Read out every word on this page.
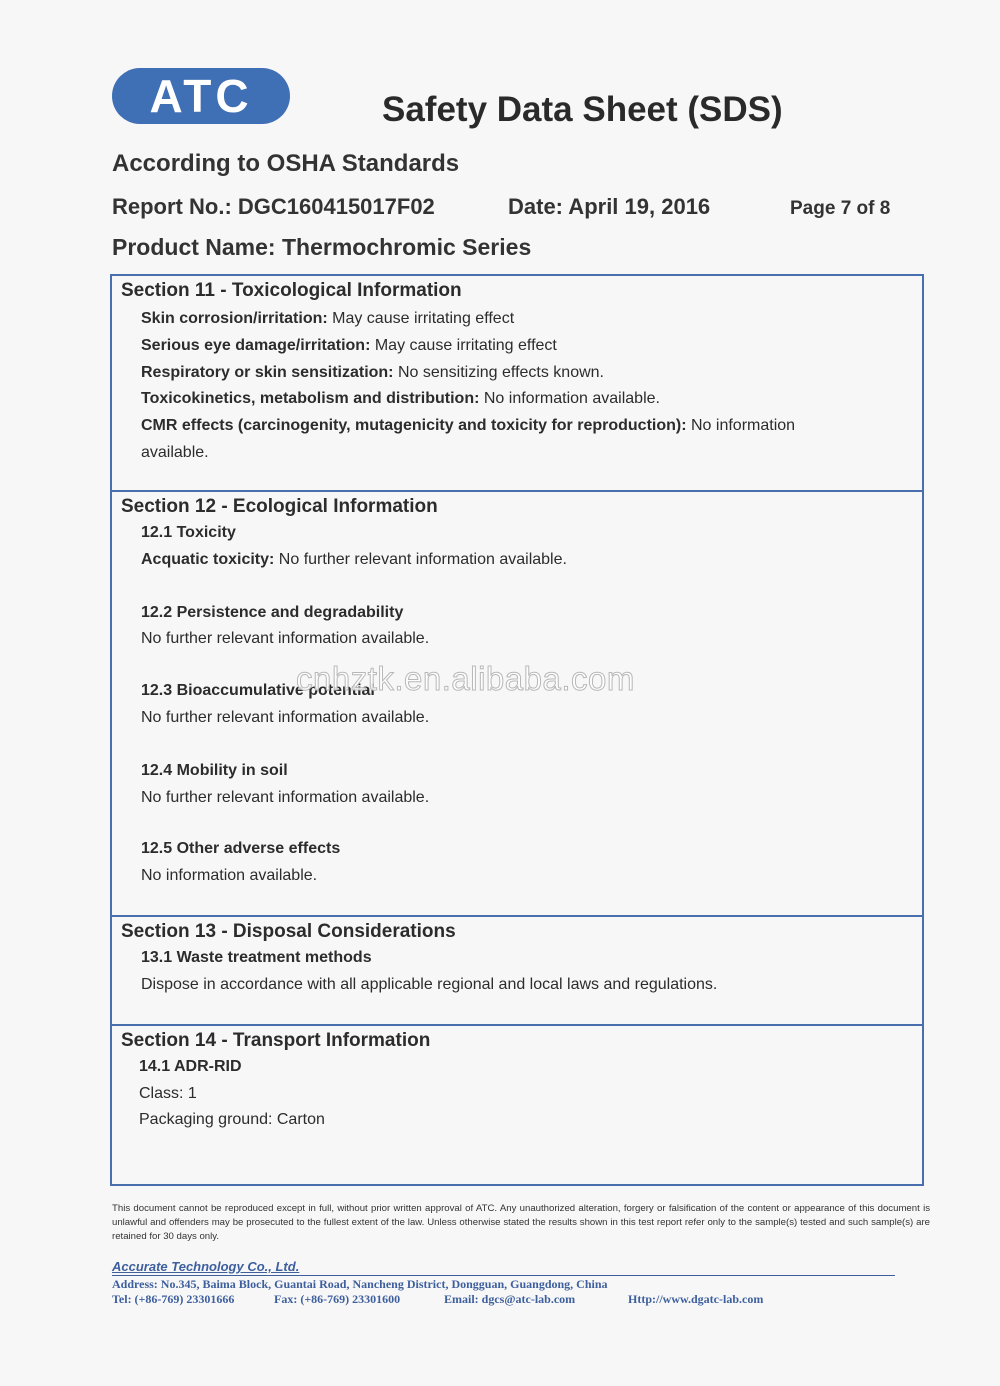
ATC	Safety Data Sheet (SDS)
According to OSHA Standards
Report No.: DGC160415017F02	Date: April 19, 2016	Page 7 of 8
Product Name: Thermochromic Series
Section 11 - Toxicological Information
Skin corrosion/irritation: May cause irritating effect
Serious eye damage/irritation: May cause irritating effect
Respiratory or skin sensitization: No sensitizing effects known.
Toxicokinetics, metabolism and distribution: No information available.
CMR effects (carcinogenity, mutagenicity and toxicity for reproduction): No information
available.
Section 12 - Ecological Information
12.1 Toxicity
Acquatic toxicity: No further relevant information available.
12.2 Persistence and degradability
No further relevant information available.
12.3 Bioaccumulative potential
No further relevant information available.
12.4 Mobility in soil
No further relevant information available.
12.5 Other adverse effects
No information available.
Section 13 - Disposal Considerations
13.1 Waste treatment methods
Dispose in accordance with all applicable regional and local laws and regulations.
Section 14 - Transport Information
14.1 ADR-RID
Class: 1
Packaging ground: Carton
cnhztk.en.alibaba.com
This document cannot be reproduced except in full, without prior written approval of ATC. Any unauthorized alteration, forgery or falsification of the content or appearance of this document is unlawful and offenders may be prosecuted to the fullest extent of the law. Unless otherwise stated the results shown in this test report refer only to the sample(s) tested and such sample(s) are retained for 30 days only.
Accurate Technology Co., Ltd.
Address: No.345, Baima Block, Guantai Road, Nancheng District, Dongguan, Guangdong, China
Tel: (+86-769) 23301666	Fax: (+86-769) 23301600	Email: dgcs@atc-lab.com	Http://www.dgatc-lab.com
